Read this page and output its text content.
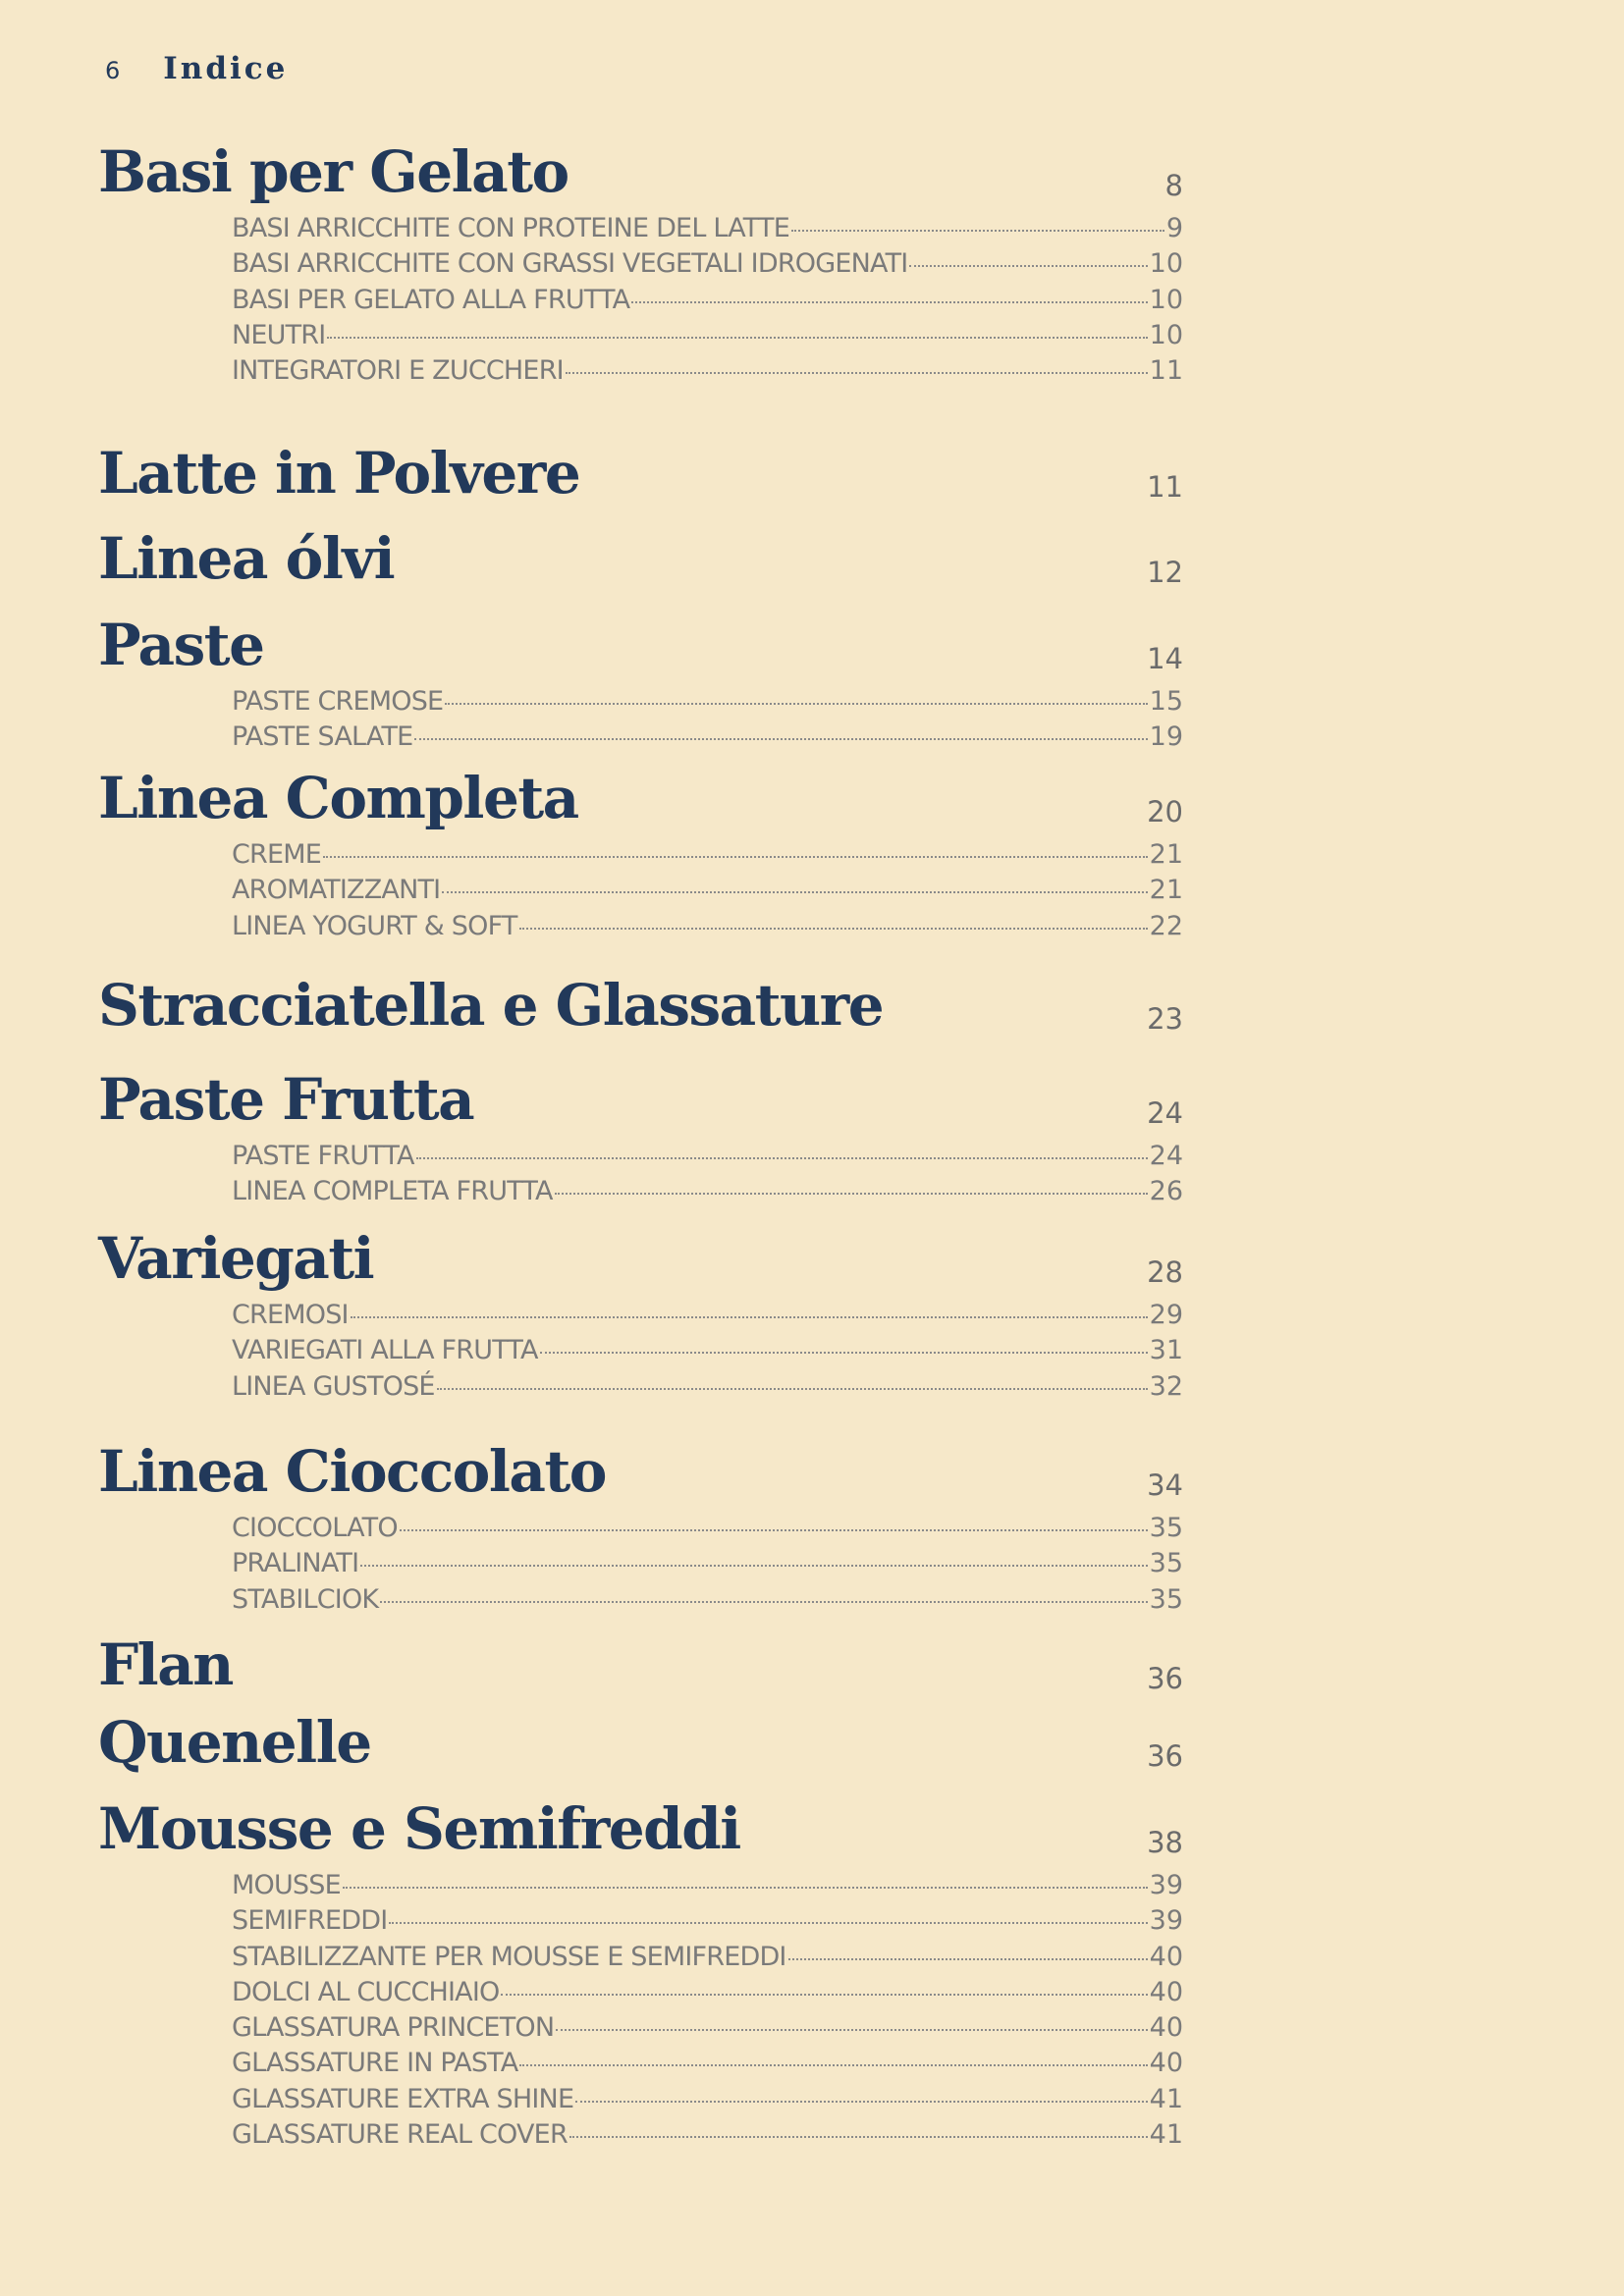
6 Indice
Basi per Gelato	8
BASI ARRICCHITE CON PROTEINE DEL LATTE	9
BASI ARRICCHITE CON GRASSI VEGETALI IDROGENATI	10
BASI PER GELATO ALLA FRUTTA	10
NEUTRI	10
INTEGRATORI E ZUCCHERI	11
Latte in Polvere	11
Linea ólvi	12
Paste	14
PASTE CREMOSE	15
PASTE SALATE	19
Linea Completa	20
CREME	21
AROMATIZZANTI	21
LINEA YOGURT & SOFT	22
Stracciatella e Glassature	23
Paste Frutta	24
PASTE FRUTTA	24
LINEA COMPLETA FRUTTA	26
Variegati	28
CREMOSI	29
VARIEGATI ALLA FRUTTA	31
LINEA GUSTOSÉ	32
Linea Cioccolato	34
CIOCCOLATO	35
PRALINATI	35
STABILCIOK	35
Flan	36
Quenelle	36
Mousse e Semifreddi	38
MOUSSE	39
SEMIFREDDI	39
STABILIZZANTE PER MOUSSE E SEMIFREDDI	40
DOLCI AL CUCCHIAIO	40
GLASSATURA PRINCETON	40
GLASSATURE IN PASTA	40
GLASSATURE EXTRA SHINE	41
GLASSATURE REAL COVER	41
